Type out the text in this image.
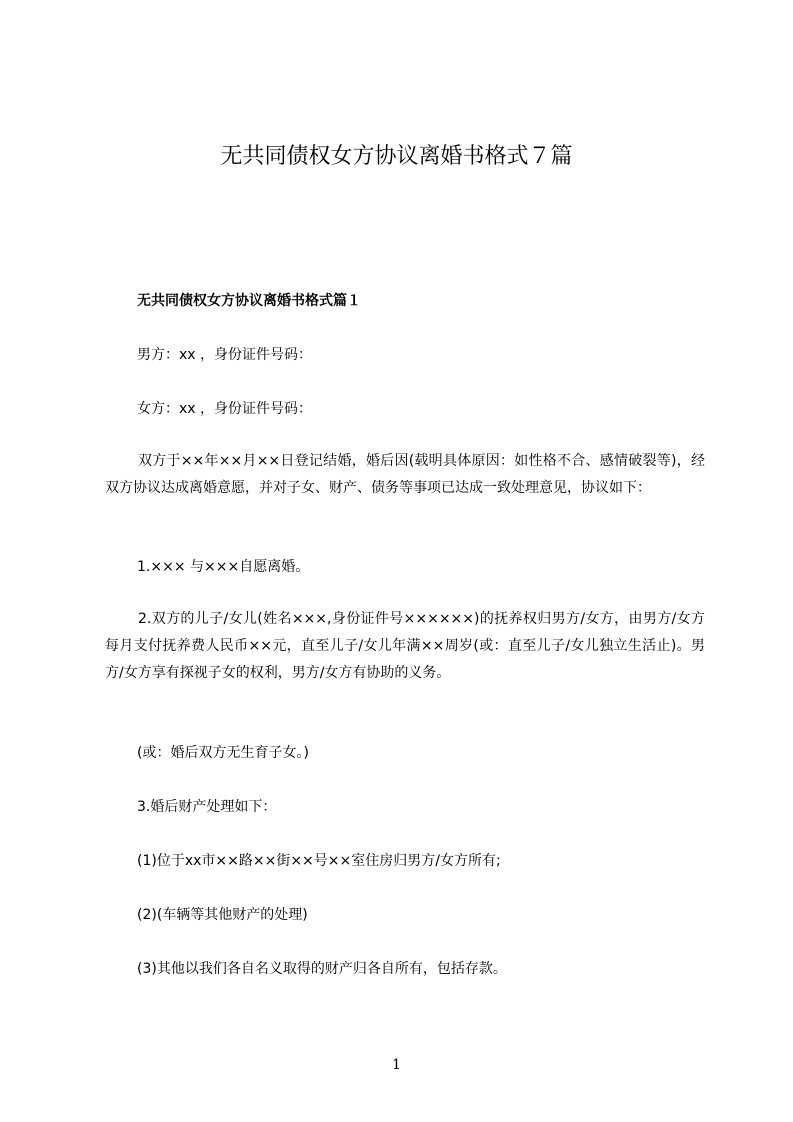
无共同债权女方协议离婚书格式７篇
无共同债权女方协议离婚书格式篇１

男方：xx ，身份证件号码：

女方：xx ，身份证件号码：

双方于××年××月××日登记结婚，婚后因(载明具体原因：如性格不合、感情破裂等)，经双方协议达成离婚意愿，并对子女、财产、债务等事项已达成一致处理意见，协议如下：

1.××× 与×××自愿离婚。

2.双方的儿子/女儿(姓名×××,身份证件号××××××)的抚养权归男方/女方，由男方/女方每月支付抚养费人民币××元，直至儿子/女儿年满××周岁(或：直至儿子/女儿独立生活止)。男方/女方享有探视子女的权利，男方/女方有协助的义务。

(或：婚后双方无生育子女。)

3.婚后财产处理如下：

(1)位于xx市××路××街××号××室住房归男方/女方所有;

(2)(车辆等其他财产的处理)

(3)其他以我们各自名义取得的财产归各自所有，包括存款。

1
